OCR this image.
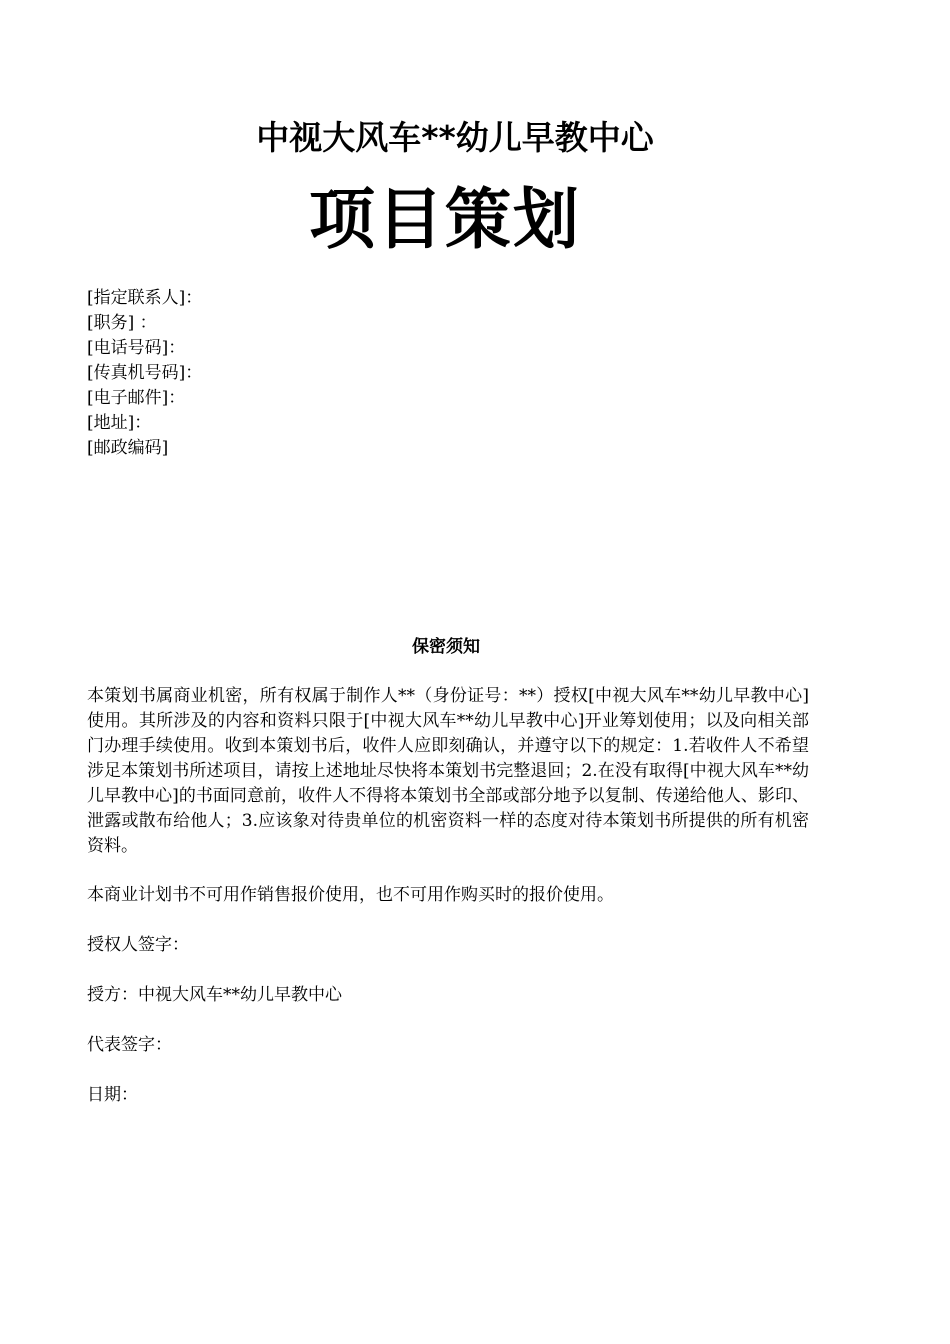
中视大风车**幼儿早教中心
项目策划
[指定联系人]：
[职务] ：
[电话号码]：
[传真机号码]：
[电子邮件]：
[地址]：
[邮政编码]
保密须知
本策划书属商业机密，所有权属于制作人**（身份证号：**）授权[中视大风车**幼儿早教中心]使用。其所涉及的内容和资料只限于[中视大风车**幼儿早教中心]开业筹划使用；以及向相关部门办理手续使用。收到本策划书后，收件人应即刻确认，并遵守以下的规定：1.若收件人不希望涉足本策划书所述项目，请按上述地址尽快将本策划书完整退回；2.在没有取得[中视大风车**幼儿早教中心]的书面同意前，收件人不得将本策划书全部或部分地予以复制、传递给他人、影印、泄露或散布给他人；3.应该象对待贵单位的机密资料一样的态度对待本策划书所提供的所有机密资料。
本商业计划书不可用作销售报价使用，也不可用作购买时的报价使用。
授权人签字：
授方：中视大风车**幼儿早教中心
代表签字：
日期：
